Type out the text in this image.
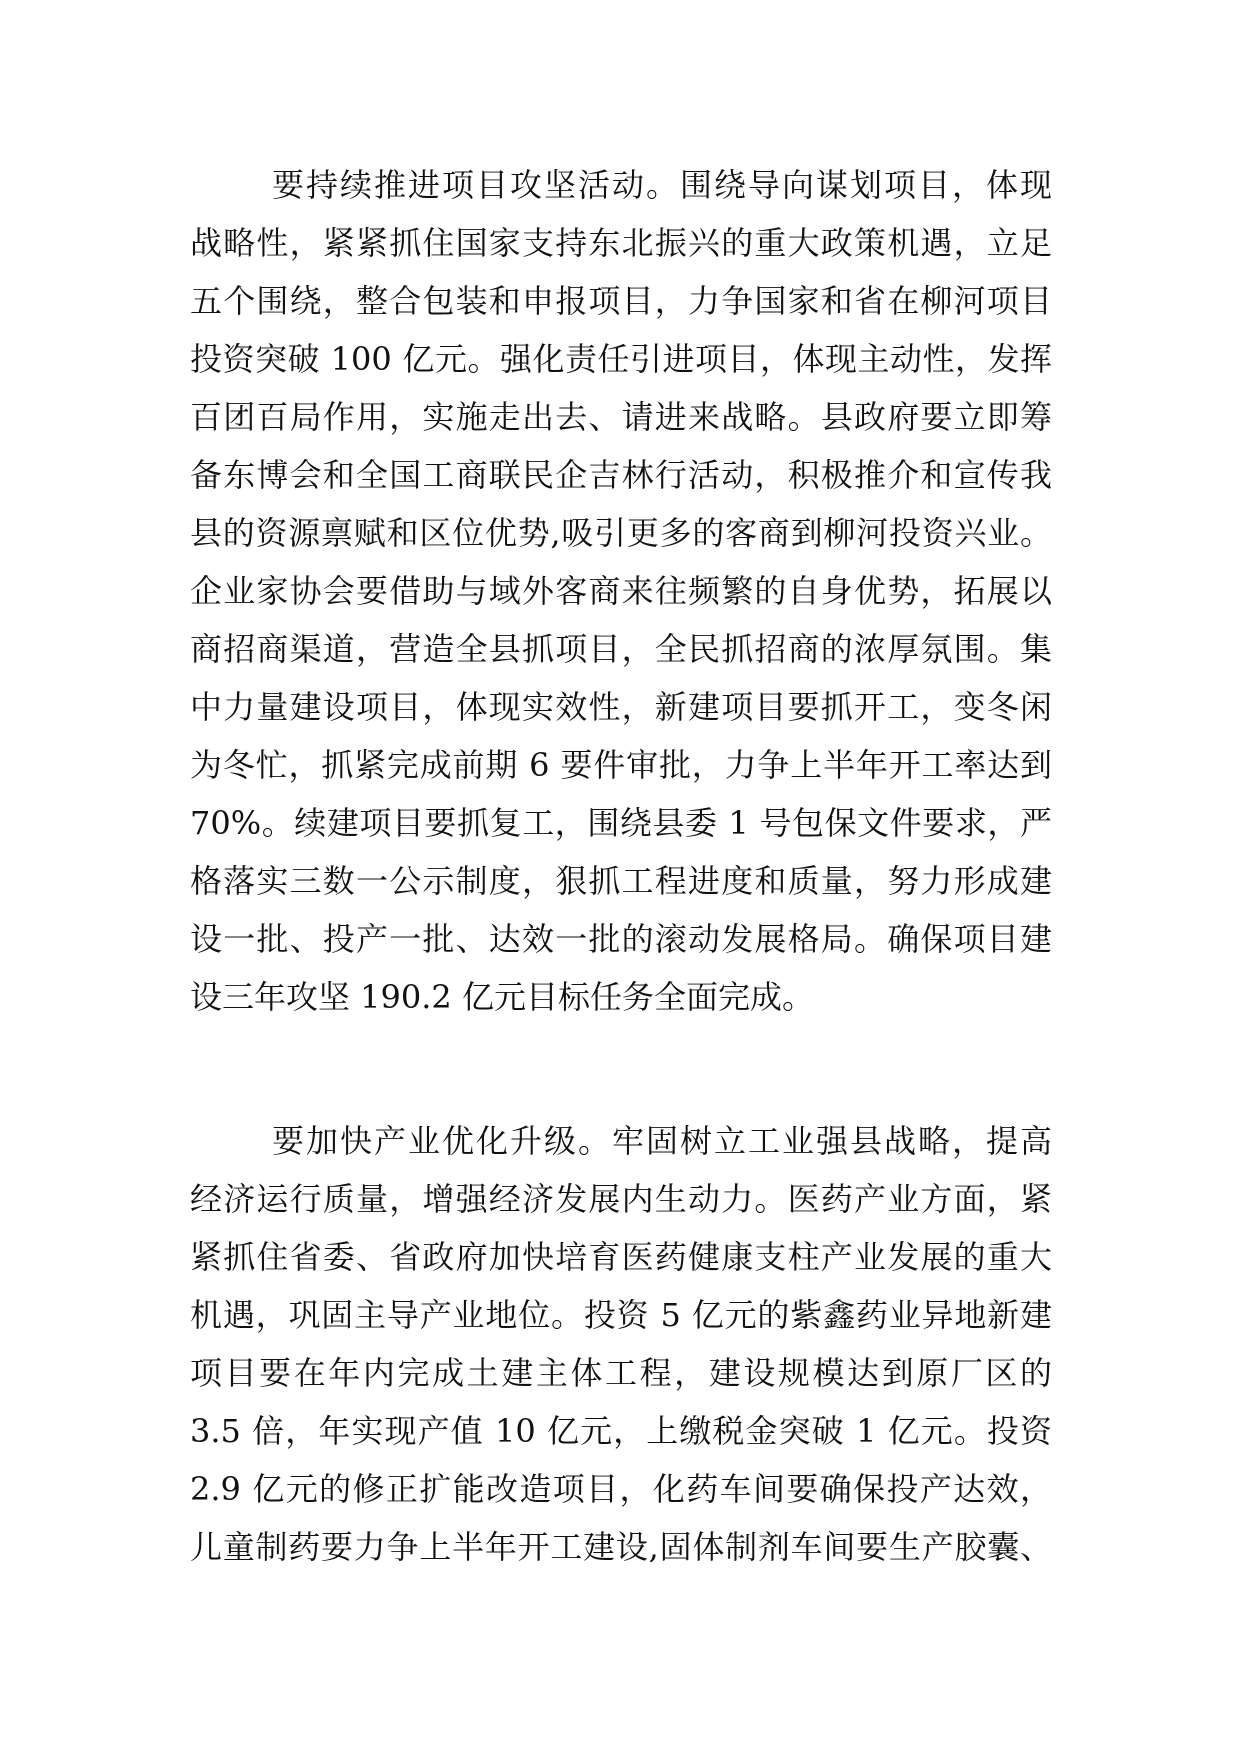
要持续推进项目攻坚活动。围绕导向谋划项目，体现
战略性，紧紧抓住国家支持东北振兴的重大政策机遇，立足
五个围绕，整合包装和申报项目，力争国家和省在柳河项目
投资突破 100 亿元。强化责任引进项目，体现主动性，发挥
百团百局作用，实施走出去、请进来战略。县政府要立即筹
备东博会和全国工商联民企吉林行活动，积极推介和宣传我
县的资源禀赋和区位优势,吸引更多的客商到柳河投资兴业。
企业家协会要借助与域外客商来往频繁的自身优势，拓展以
商招商渠道，营造全县抓项目，全民抓招商的浓厚氛围。集
中力量建设项目，体现实效性，新建项目要抓开工，变冬闲
为冬忙，抓紧完成前期 6 要件审批，力争上半年开工率达到
70%。续建项目要抓复工，围绕县委 1 号包保文件要求，严
格落实三数一公示制度，狠抓工程进度和质量，努力形成建
设一批、投产一批、达效一批的滚动发展格局。确保项目建
设三年攻坚 190.2 亿元目标任务全面完成。
要加快产业优化升级。牢固树立工业强县战略，提高
经济运行质量，增强经济发展内生动力。医药产业方面，紧
紧抓住省委、省政府加快培育医药健康支柱产业发展的重大
机遇，巩固主导产业地位。投资 5 亿元的紫鑫药业异地新建
项目要在年内完成土建主体工程，建设规模达到原厂区的
3.5 倍，年实现产值 10 亿元，上缴税金突破 1 亿元。投资
2.9 亿元的修正扩能改造项目，化药车间要确保投产达效，
儿童制药要力争上半年开工建设,固体制剂车间要生产胶囊、
